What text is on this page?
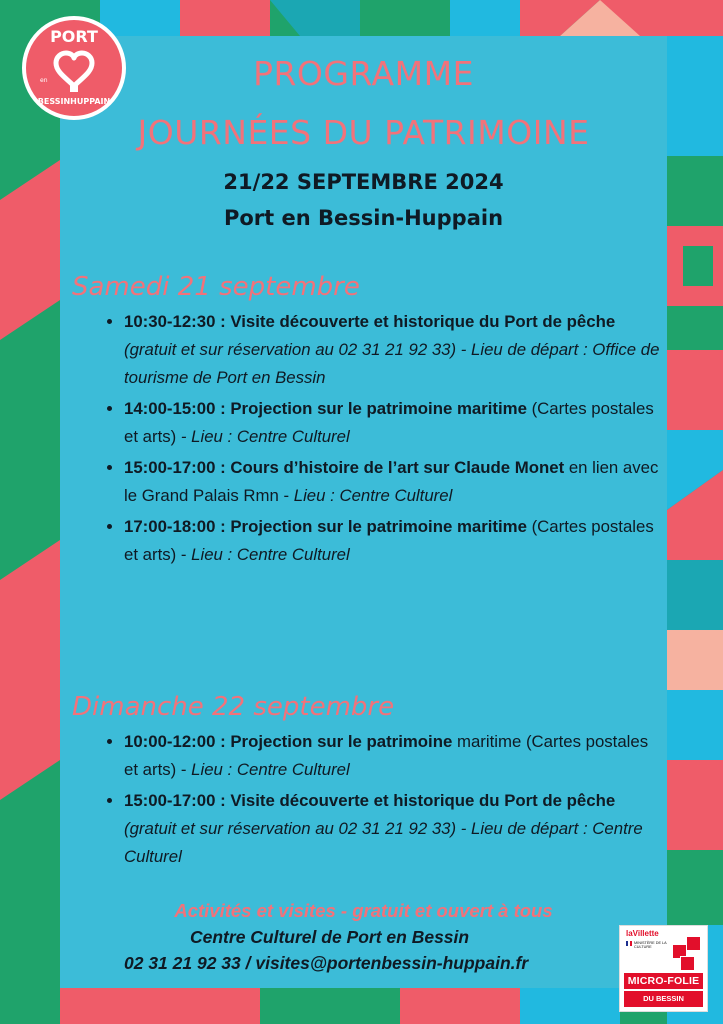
PORT
en
BESSINHUPPAIN
PROGRAMME
JOURNÉES DU PATRIMOINE
21/22 SEPTEMBRE 2024
Port en Bessin-Huppain
Samedi 21 septembre
• 10:30-12:30 : Visite découverte et historique du Port de pêche (gratuit et sur réservation au 02 31 21 92 33) - Lieu de départ : Office de tourisme de Port en Bessin
• 14:00-15:00 : Projection sur le patrimoine maritime (Cartes postales et arts) - Lieu : Centre Culturel
• 15:00-17:00 : Cours d’histoire de l’art sur Claude Monet en lien avec le Grand Palais Rmn - Lieu : Centre Culturel
• 17:00-18:00 : Projection sur le patrimoine maritime (Cartes postales et arts) - Lieu : Centre Culturel
Dimanche 22 septembre
• 10:00-12:00 : Projection sur le patrimoine maritime (Cartes postales et arts) - Lieu : Centre Culturel
• 15:00-17:00 : Visite découverte et historique du Port de pêche (gratuit et sur réservation au 02 31 21 92 33) - Lieu de départ : Centre Culturel
Activités et visites - gratuit et ouvert à tous
Centre Culturel de Port en Bessin
02 31 21 92 33 / visites@portenbessin-huppain.fr
laVillette
MINISTÈRE DE LA CULTURE
MICRO-FOLIE
DU BESSIN
